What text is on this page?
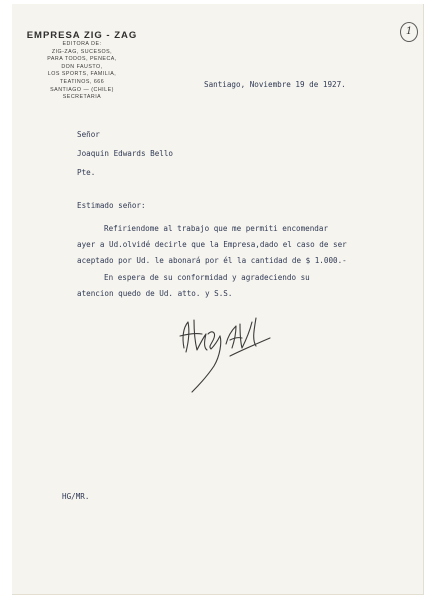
1
EMPRESA ZIG - ZAG
EDITORA DE:
ZIG-ZAG, SUCESOS,
PARA TODOS, PENECA,
DON FAUSTO,
LOS SPORTS, FAMILIA,
TEATINOS, 666
SANTIAGO — (CHILE)
SECRETARIA
Santiago, Noviembre 19 de 1927.
Señor
Joaquin Edwards Bello
Pte.
Estimado señor:
Refiriendome al trabajo que me permiti encomendar
ayer a Ud.olvidé decirle que la Empresa,dado el caso de ser
aceptado por Ud. le abonará por él la cantidad de $ 1.000.-
En espera de su conformidad y agradeciendo su
atencion quedo de Ud. atto. y S.S.
HG/MR.
